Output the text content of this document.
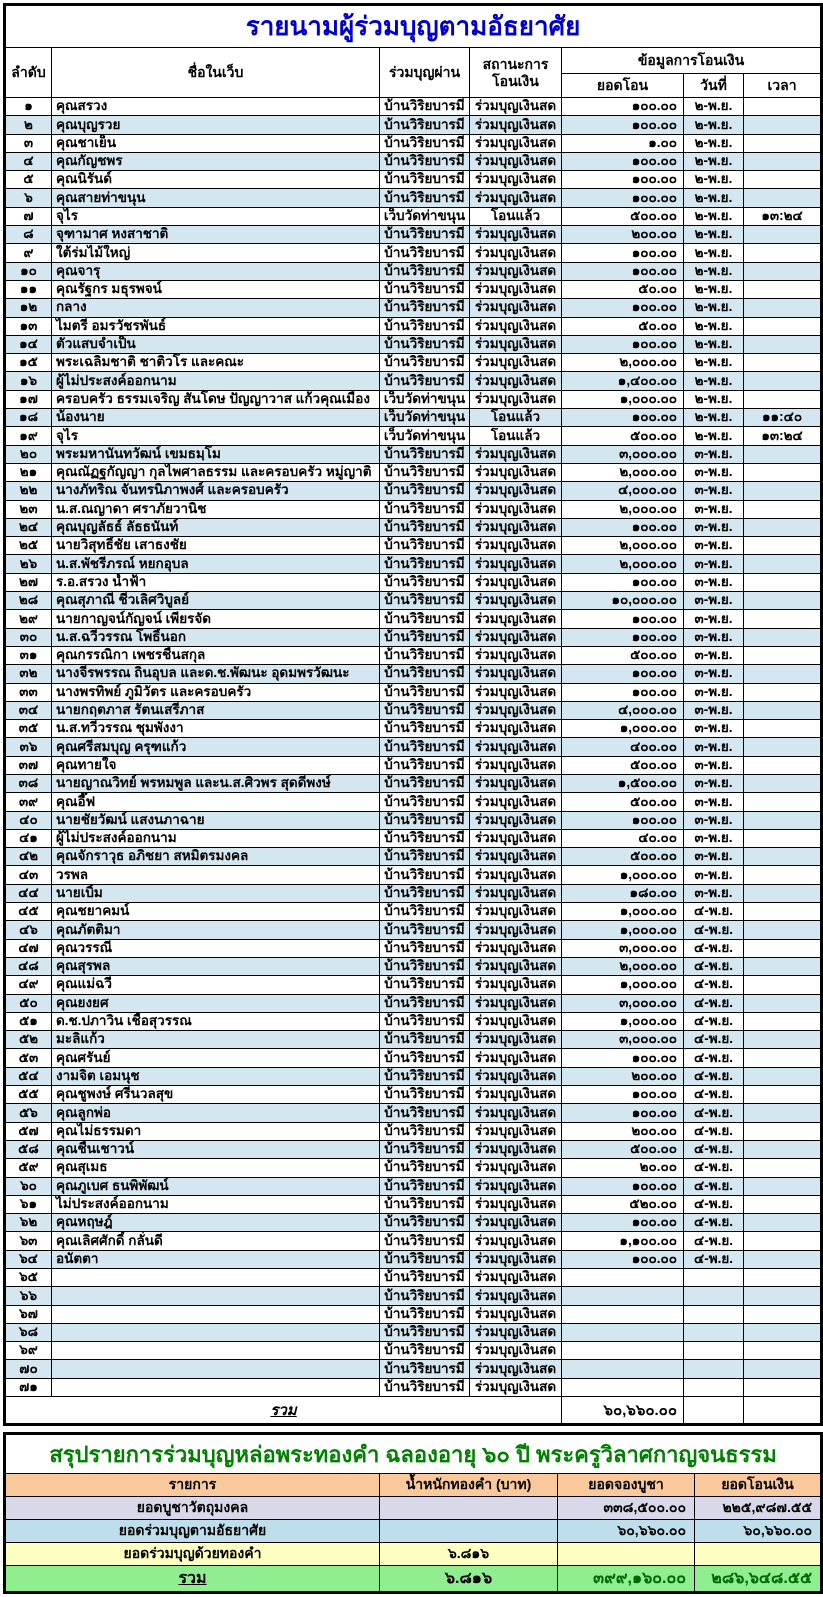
รายนามผู้ร่วมบุญตามอัธยาศัย						
ลำดับ	ชื่อในเว็บ	ร่วมบุญผ่าน	สถานะการโอนเงิน	ข้อมูลการโอนเงิน		
				ยอดโอน	วันที่	เวลา
๑	คุณสรวง	บ้านวิริยบารมี	ร่วมบุญเงินสด	๑๐๐.๐๐	๒-พ.ย.	
๒	คุณบุญรวย	บ้านวิริยบารมี	ร่วมบุญเงินสด	๑๐๐.๐๐	๒-พ.ย.	
๓	คุณชาเย็น	บ้านวิริยบารมี	ร่วมบุญเงินสด	๑.๐๐	๒-พ.ย.	
๔	คุณกัญชพร	บ้านวิริยบารมี	ร่วมบุญเงินสด	๑๐๐.๐๐	๒-พ.ย.	
๕	คุณนิรันด์	บ้านวิริยบารมี	ร่วมบุญเงินสด	๑๐๐.๐๐	๒-พ.ย.	
๖	คุณสายท่าขนุน	บ้านวิริยบารมี	ร่วมบุญเงินสด	๑๐๐.๐๐	๒-พ.ย.	
๗	จุไร	เว็บวัดท่าขนุน	โอนแล้ว	๕๐๐.๐๐	๒-พ.ย.	๑๓:๒๔
๘	จุฑามาศ หงสาชาติ	บ้านวิริยบารมี	ร่วมบุญเงินสด	๒๐๐.๐๐	๒-พ.ย.	
๙	ใต้ร่มไม้ใหญ่	บ้านวิริยบารมี	ร่วมบุญเงินสด	๑๐๐.๐๐	๒-พ.ย.	
๑๐	คุณจารุ	บ้านวิริยบารมี	ร่วมบุญเงินสด	๑๐๐.๐๐	๒-พ.ย.	
๑๑	คุณรัฐกร มธุรพจน์	บ้านวิริยบารมี	ร่วมบุญเงินสด	๕๐.๐๐	๒-พ.ย.	
๑๒	กลาง	บ้านวิริยบารมี	ร่วมบุญเงินสด	๑๐๐.๐๐	๒-พ.ย.	
๑๓	ไมตรี อมรวัชรพันธ์	บ้านวิริยบารมี	ร่วมบุญเงินสด	๕๐.๐๐	๒-พ.ย.	
๑๔	ตัวแสบจำเป็น	บ้านวิริยบารมี	ร่วมบุญเงินสด	๑๐๐.๐๐	๒-พ.ย.	
๑๕	พระเฉลิมชาติ ชาติวโร และคณะ	บ้านวิริยบารมี	ร่วมบุญเงินสด	๒,๐๐๐.๐๐	๒-พ.ย.	
๑๖	ผู้ไม่ประสงค์ออกนาม	บ้านวิริยบารมี	ร่วมบุญเงินสด	๑,๔๐๐.๐๐	๒-พ.ย.	
๑๗	ครอบครัว ธรรมเจริญ สันโดษ ปัญญาวาส แก้วคุณเมือง	เว็บวัดท่าขนุน	ร่วมบุญเงินสด	๑,๐๐๐.๐๐	๒-พ.ย.	
๑๘	น้องนาย	เว็บวัดท่าขนุน	โอนแล้ว	๑๐๐.๐๐	๒-พ.ย.	๑๑:๔๐
๑๙	จุไร	เว็บวัดท่าขนุน	โอนแล้ว	๕๐๐.๐๐	๒-พ.ย.	๑๓:๒๔
๒๐	พระมหานันทวัฒน์ เขมธมฺโม	บ้านวิริยบารมี	ร่วมบุญเงินสด	๓,๐๐๐.๐๐	๓-พ.ย.	
๒๑	คุณณัฏฐกัญญา กุลไพศาลธรรม และครอบครัว หมู่ญาติ	บ้านวิริยบารมี	ร่วมบุญเงินสด	๒,๐๐๐.๐๐	๓-พ.ย.	
๒๒	นางภัทริณ จันทรนิภาพงศ์ และครอบครัว	บ้านวิริยบารมี	ร่วมบุญเงินสด	๔,๐๐๐.๐๐	๓-พ.ย.	
๒๓	น.ส.ณญาดา ศราภัยวานิช	บ้านวิริยบารมี	ร่วมบุญเงินสด	๒,๐๐๐.๐๐	๓-พ.ย.	
๒๔	คุณบุญลัธธ์ ลัธธนันท์	บ้านวิริยบารมี	ร่วมบุญเงินสด	๑๐๐.๐๐	๓-พ.ย.	
๒๕	นายวิสุทธิ์ชัย เสาธงชัย	บ้านวิริยบารมี	ร่วมบุญเงินสด	๒,๐๐๐.๐๐	๓-พ.ย.	
๒๖	น.ส.พัชรีภรณ์ หยกอุบล	บ้านวิริยบารมี	ร่วมบุญเงินสด	๒,๐๐๐.๐๐	๓-พ.ย.	
๒๗	ร.อ.สรวง น้ำฟ้า	บ้านวิริยบารมี	ร่วมบุญเงินสด	๑๐๐.๐๐	๓-พ.ย.	
๒๘	คุณสุภาณี ชีวเลิศวิบูลย์	บ้านวิริยบารมี	ร่วมบุญเงินสด	๑๐,๐๐๐.๐๐	๓-พ.ย.	
๒๙	นายกาญจน์กัญจน์ เพียรจัด	บ้านวิริยบารมี	ร่วมบุญเงินสด	๑๐๐.๐๐	๓-พ.ย.	
๓๐	น.ส.ฉวีวรรณ โพธิ์นอก	บ้านวิริยบารมี	ร่วมบุญเงินสด	๑๐๐.๐๐	๓-พ.ย.	
๓๑	คุณกรรณิกา เพชรชื่นสกุล	บ้านวิริยบารมี	ร่วมบุญเงินสด	๕๐๐.๐๐	๓-พ.ย.	
๓๒	นางจีรพรรณ ถิ่นอุบล และด.ช.พัฒนะ อุดมพรวัฒนะ	บ้านวิริยบารมี	ร่วมบุญเงินสด	๑๐๐.๐๐	๓-พ.ย.	
๓๓	นางพรทิพย์ ภูมิวัตร และครอบครัว	บ้านวิริยบารมี	ร่วมบุญเงินสด	๑๐๐.๐๐	๓-พ.ย.	
๓๔	นายกฤตภาส รัตนเสรีภาส	บ้านวิริยบารมี	ร่วมบุญเงินสด	๔,๐๐๐.๐๐	๓-พ.ย.	
๓๕	น.ส.ทวีวรรณ ชุมพังงา	บ้านวิริยบารมี	ร่วมบุญเงินสด	๑,๐๐๐.๐๐	๓-พ.ย.	
๓๖	คุณศรีสมบุญ ครุฑแก้ว	บ้านวิริยบารมี	ร่วมบุญเงินสด	๔๐๐.๐๐	๓-พ.ย.	
๓๗	คุณทายใจ	บ้านวิริยบารมี	ร่วมบุญเงินสด	๕๐๐.๐๐	๓-พ.ย.	
๓๘	นายญาณวิทย์ พรหมพูล และน.ส.ศิวพร สุดดีพงษ์	บ้านวิริยบารมี	ร่วมบุญเงินสด	๑,๕๐๐.๐๐	๓-พ.ย.	
๓๙	คุณอี๊ฟ	บ้านวิริยบารมี	ร่วมบุญเงินสด	๕๐๐.๐๐	๓-พ.ย.	
๔๐	นายชัยวัฒน์ แสงนภาฉาย	บ้านวิริยบารมี	ร่วมบุญเงินสด	๑๐๐.๐๐	๓-พ.ย.	
๔๑	ผู้ไม่ประสงค์ออกนาม	บ้านวิริยบารมี	ร่วมบุญเงินสด	๔๐.๐๐	๓-พ.ย.	
๔๒	คุณจักราวุธ อภิชยา สหมิตรมงคล	บ้านวิริยบารมี	ร่วมบุญเงินสด	๕๐๐.๐๐	๓-พ.ย.	
๔๓	วรพล	บ้านวิริยบารมี	ร่วมบุญเงินสด	๑,๐๐๐.๐๐	๓-พ.ย.	
๔๔	นายเบิ้ม	บ้านวิริยบารมี	ร่วมบุญเงินสด	๑๘๐.๐๐	๓-พ.ย.	
๔๕	คุณชยาคมน์	บ้านวิริยบารมี	ร่วมบุญเงินสด	๑,๐๐๐.๐๐	๔-พ.ย.	
๔๖	คุณภัตติมา	บ้านวิริยบารมี	ร่วมบุญเงินสด	๑,๐๐๐.๐๐	๔-พ.ย.	
๔๗	คุณวรรณี	บ้านวิริยบารมี	ร่วมบุญเงินสด	๓,๐๐๐.๐๐	๔-พ.ย.	
๔๘	คุณสุรพล	บ้านวิริยบารมี	ร่วมบุญเงินสด	๒,๐๐๐.๐๐	๔-พ.ย.	
๔๙	คุณแม่ฉวี	บ้านวิริยบารมี	ร่วมบุญเงินสด	๑,๐๐๐.๐๐	๔-พ.ย.	
๕๐	คุณยงยศ	บ้านวิริยบารมี	ร่วมบุญเงินสด	๓,๐๐๐.๐๐	๔-พ.ย.	
๕๑	ด.ช.ปภาวิน เชื้อสุวรรณ	บ้านวิริยบารมี	ร่วมบุญเงินสด	๑,๐๐๐.๐๐	๔-พ.ย.	
๕๒	มะลิแก้ว	บ้านวิริยบารมี	ร่วมบุญเงินสด	๓,๐๐๐.๐๐	๔-พ.ย.	
๕๓	คุณศรันย์	บ้านวิริยบารมี	ร่วมบุญเงินสด	๑๐๐.๐๐	๔-พ.ย.	
๕๔	งามจิต เอมนุช	บ้านวิริยบารมี	ร่วมบุญเงินสด	๒๐๐.๐๐	๔-พ.ย.	
๕๕	คุณชูพงษ์ ศรีนวลสุข	บ้านวิริยบารมี	ร่วมบุญเงินสด	๑๐๐.๐๐	๔-พ.ย.	
๕๖	คุณลูกพ่อ	บ้านวิริยบารมี	ร่วมบุญเงินสด	๑๐๐.๐๐	๔-พ.ย.	
๕๗	คุณไม่ธรรมดา	บ้านวิริยบารมี	ร่วมบุญเงินสด	๒๐๐.๐๐	๔-พ.ย.	
๕๘	คุณชื่นเชาวน์	บ้านวิริยบารมี	ร่วมบุญเงินสด	๕๐๐.๐๐	๔-พ.ย.	
๕๙	คุณสุเมธ	บ้านวิริยบารมี	ร่วมบุญเงินสด	๒๐.๐๐	๔-พ.ย.	
๖๐	คุณภูเบศ ธนพิพัฒน์	บ้านวิริยบารมี	ร่วมบุญเงินสด	๑๐๐.๐๐	๔-พ.ย.	
๖๑	ไม่ประสงค์ออกนาม	บ้านวิริยบารมี	ร่วมบุญเงินสด	๕๒๐.๐๐	๔-พ.ย.	
๖๒	คุณหฤษฎ์	บ้านวิริยบารมี	ร่วมบุญเงินสด	๑๐๐.๐๐	๔-พ.ย.	
๖๓	คุณเลิศศักดิ์ กลั่นดี	บ้านวิริยบารมี	ร่วมบุญเงินสด	๑,๑๐๐.๐๐	๔-พ.ย.	
๖๔	อนัตตา	บ้านวิริยบารมี	ร่วมบุญเงินสด	๑๐๐.๐๐	๔-พ.ย.	
๖๕		บ้านวิริยบารมี	ร่วมบุญเงินสด			
๖๖		บ้านวิริยบารมี	ร่วมบุญเงินสด			
๖๗		บ้านวิริยบารมี	ร่วมบุญเงินสด			
๖๘		บ้านวิริยบารมี	ร่วมบุญเงินสด			
๖๙		บ้านวิริยบารมี	ร่วมบุญเงินสด			
๗๐		บ้านวิริยบารมี	ร่วมบุญเงินสด			
๗๑		บ้านวิริยบารมี	ร่วมบุญเงินสด			
รวม				๖๐,๖๖๐.๐๐		
สรุปรายการร่วมบุญหล่อพระทองคำ ฉลองอายุ ๖๐ ปี พระครูวิลาศกาญจนธรรม			
รายการ	น้ำหนักทองคำ (บาท)	ยอดจองบูชา	ยอดโอนเงิน
ยอดบูชาวัตถุมงคล		๓๓๘,๕๐๐.๐๐	๒๒๕,๙๘๗.๕๕
ยอดร่วมบุญตามอัธยาศัย		๖๐,๖๖๐.๐๐	๖๐,๖๖๐.๐๐
ยอดร่วมบุญด้วยทองคำ	๖.๘๑๖		
รวม	๖.๘๑๖	๓๙๙,๑๖๐.๐๐	๒๘๖,๖๔๘.๕๕
